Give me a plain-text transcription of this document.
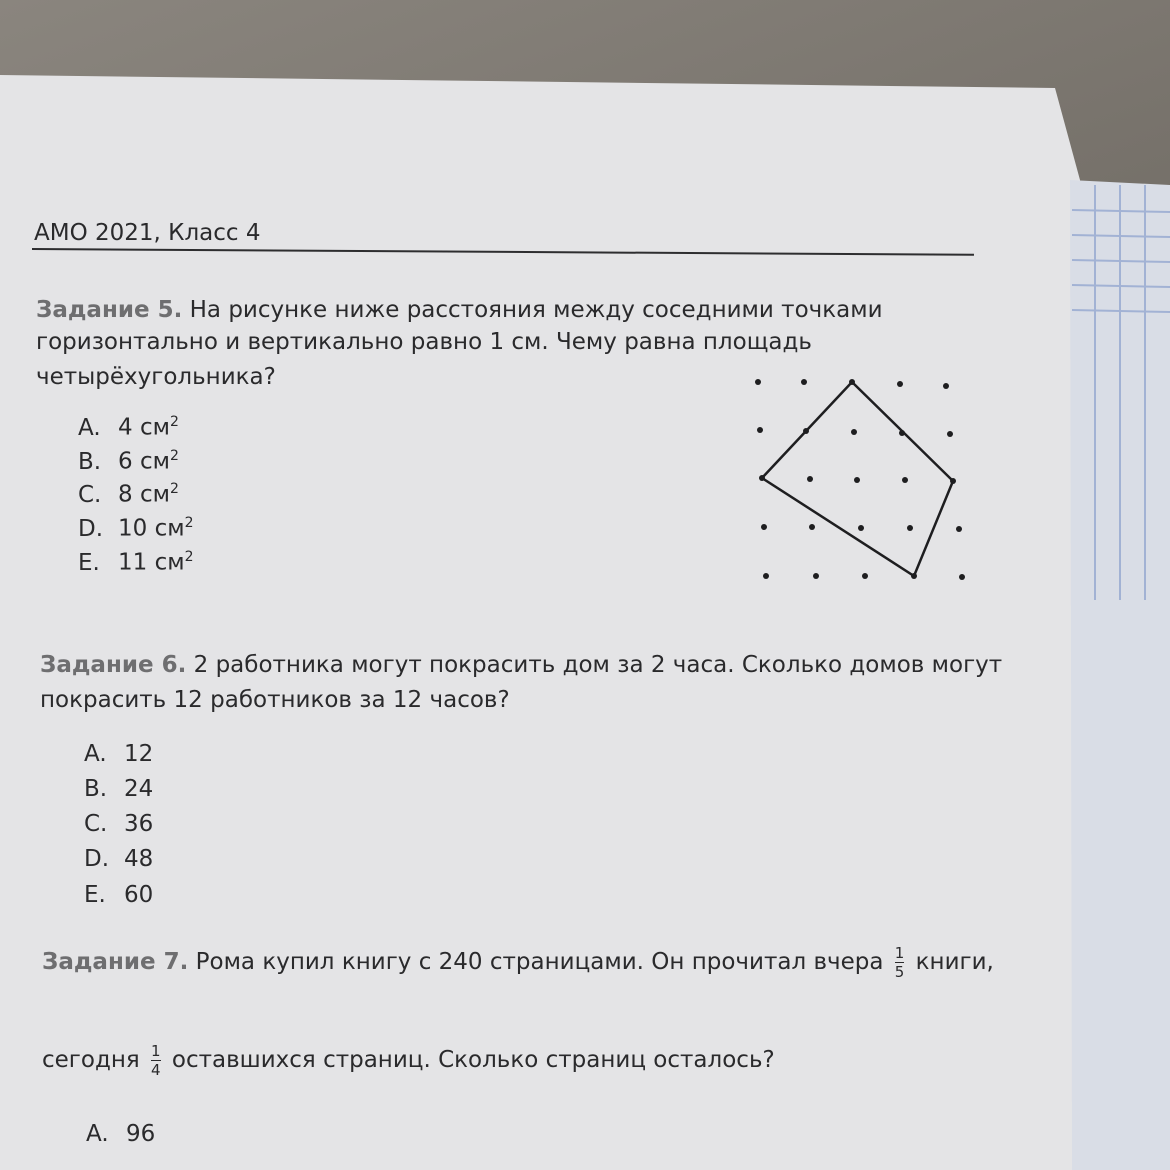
АМО 2021, Класс 4
Задание 5. На рисунке ниже расстояния между соседними точками
горизонтально и вертикально равно 1 см. Чему равна площадь
четырёхугольника?
A. 4 $см^2$
B. 6 $см^2$
C. 8 $см^2$
D. 10 $см^2$
E. 11 $см^2$
Задание 6. 2 работника могут покрасить дом за 2 часа. Сколько домов могут
покрасить 12 работников за 12 часов?
A. 12
B. 24
C. 36
D. 48
E. 60
Задание 7. Рома купил книгу с 240 страницами. Он прочитал вчера $\frac{1}{5}$ книги,
сегодня $\frac{1}{4}$ оставшихся страниц. Сколько страниц осталось?
A. 96
